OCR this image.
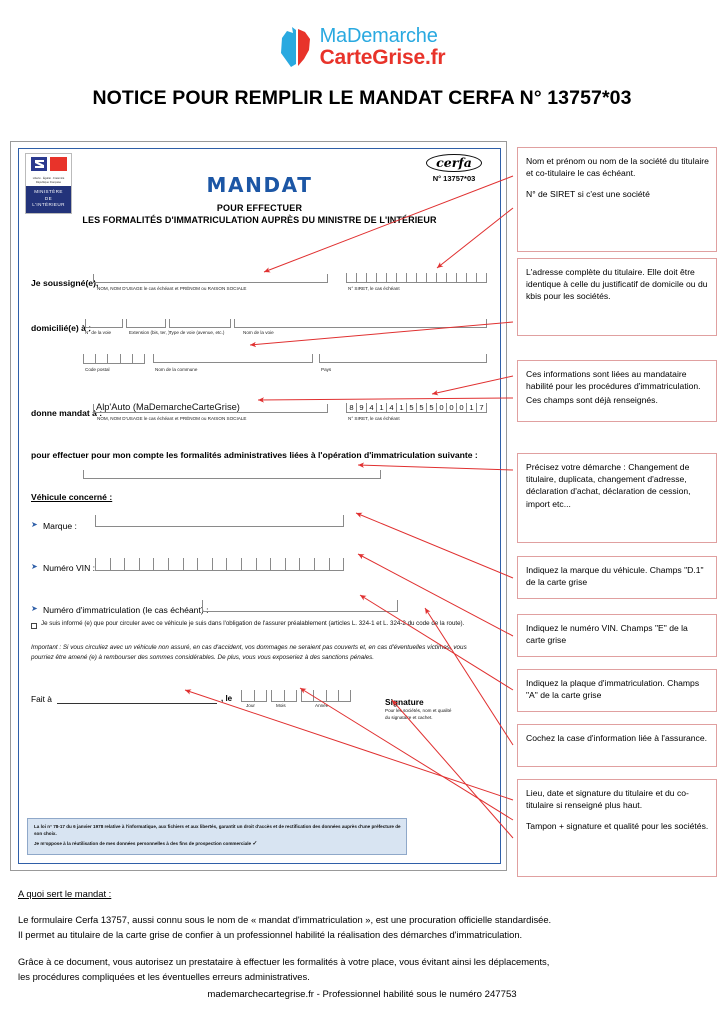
MaDemarche
CarteGrise.fr
NOTICE POUR REMPLIR LE MANDAT CERFA N° 13757*03
Liberté · Égalité · Fraternité
République Française
MINISTÈRE
DE
L'INTÉRIEUR
cerfa
N° 13757*03
MANDAT
POUR EFFECTUER
LES FORMALITÉS D'IMMATRICULATION AUPRÈS DU MINISTRE DE L'INTÉRIEUR
Je soussigné(e),
NOM, NOM D'USAGE le cas échéant et PRÉNOM ou RAISON SOCIALE	N° SIRET, le cas échéant
domicilié(e) à :
N° de la voie	Extension (bis, ter, ) Type de voie (avenue, etc.)	Nom de la voie
Code postal	Nom de la commune	Pays
donne mandat à :
Alp'Auto (MaDemarcheCarteGrise)
NOM, NOM D'USAGE le cas échéant et PRÉNOM ou RAISON SOCIALE
8 9 4 1 4 1 5 5 5 0 0 0 1 7
N° SIRET, le cas échéant
pour effectuer pour mon compte les formalités administratives liées à l'opération d'immatriculation suivante :
Véhicule concerné :
Marque :
➤
Numéro VIN :
➤
Numéro d'immatriculation (le cas échéant) :
➤
Je suis informé (e) que pour circuler avec ce véhicule je suis dans l'obligation de l'assurer préalablement (articles L. 324-1 et L. 324-2 du code de la route).
Important : Si vous circuliez avec un véhicule non assuré, en cas d'accident, vos dommages ne seraient pas couverts et, en cas d'éventuelles victimes, vous pourriez être amené (e) à rembourser des sommes considérables. De plus, vous vous exposeriez à des sanctions pénales.
Fait à	, le
Jour	Mois	Année	Signature
Pour les sociétés, nom et qualité
du signataire et cachet.
La loi n° 78-17 du 6 janvier 1978 relative à l'informatique, aux fichiers et aux libertés, garantit un droit d'accès et de rectification des données auprès d'une préfecture de son choix.
Je m'oppose à la réutilisation de mes données personnelles à des fins de prospection commerciale ✓

Nom et prénom ou nom de la société du titulaire et co-titulaire le cas échéant.

N° de SIRET si c'est une société

L'adresse complète du titulaire. Elle doit être identique à celle du justificatif de domicile ou du kbis pour les sociétés.

Ces informations sont liées au mandataire habilité pour les procédures d'immatriculation.

Ces champs sont déjà renseignés.

Précisez votre démarche : Changement de titulaire, duplicata, changement d'adresse, déclaration d'achat, déclaration de cession, import etc...

Indiquez la marque du véhicule. Champs "D.1" de la carte grise

Indiquez le numéro VIN. Champs "E" de la carte grise

Indiquez la plaque d'immatriculation. Champs "A" de la carte grise

Cochez la case d'information liée à l'assurance.

Lieu, date et signature du titulaire et du co-titulaire si renseigné plus haut.

Tampon + signature et qualité pour les sociétés.

A quoi sert le mandat :
Le formulaire Cerfa 13757, aussi connu sous le nom de « mandat d'immatriculation », est une procuration officielle standardisée.
Il permet au titulaire de la carte grise de confier à un professionnel habilité la réalisation des démarches d'immatriculation.
Grâce à ce document, vous autorisez un prestataire à effectuer les formalités à votre place, vous évitant ainsi les déplacements,
les procédures compliquées et les éventuelles erreurs administratives.
mademarchecartegrise.fr - Professionnel habilité sous le numéro 247753
